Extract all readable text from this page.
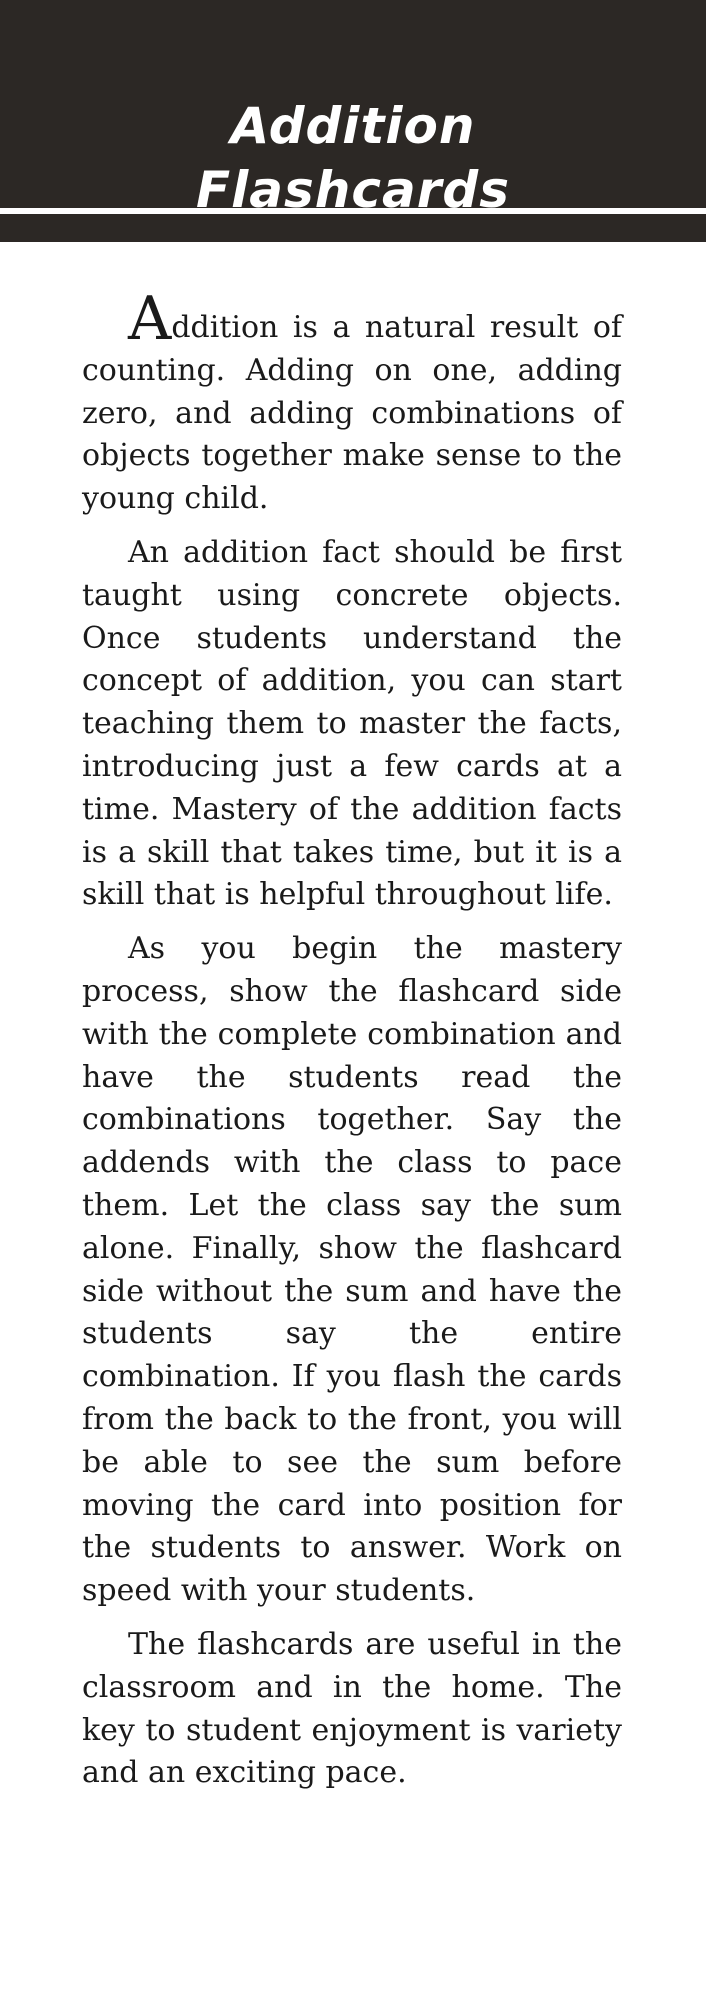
Addition
Flashcards

Addition is a natural result of counting. Adding on one, adding zero, and adding combinations of objects together make sense to the young child.

An addition fact should be first taught using concrete objects. Once students understand the concept of addition, you can start teaching them to master the facts, introducing just a few cards at a time. Mastery of the addition facts is a skill that takes time, but it is a skill that is helpful throughout life.

As you begin the mastery process, show the flashcard side with the complete combination and have the students read the combinations together. Say the addends with the class to pace them. Let the class say the sum alone. Finally, show the flashcard side without the sum and have the students say the entire combination. If you flash the cards from the back to the front, you will be able to see the sum before moving the card into position for the students to answer. Work on speed with your students.

The flashcards are useful in the classroom and in the home. The key to student enjoyment is variety and an exciting pace.
